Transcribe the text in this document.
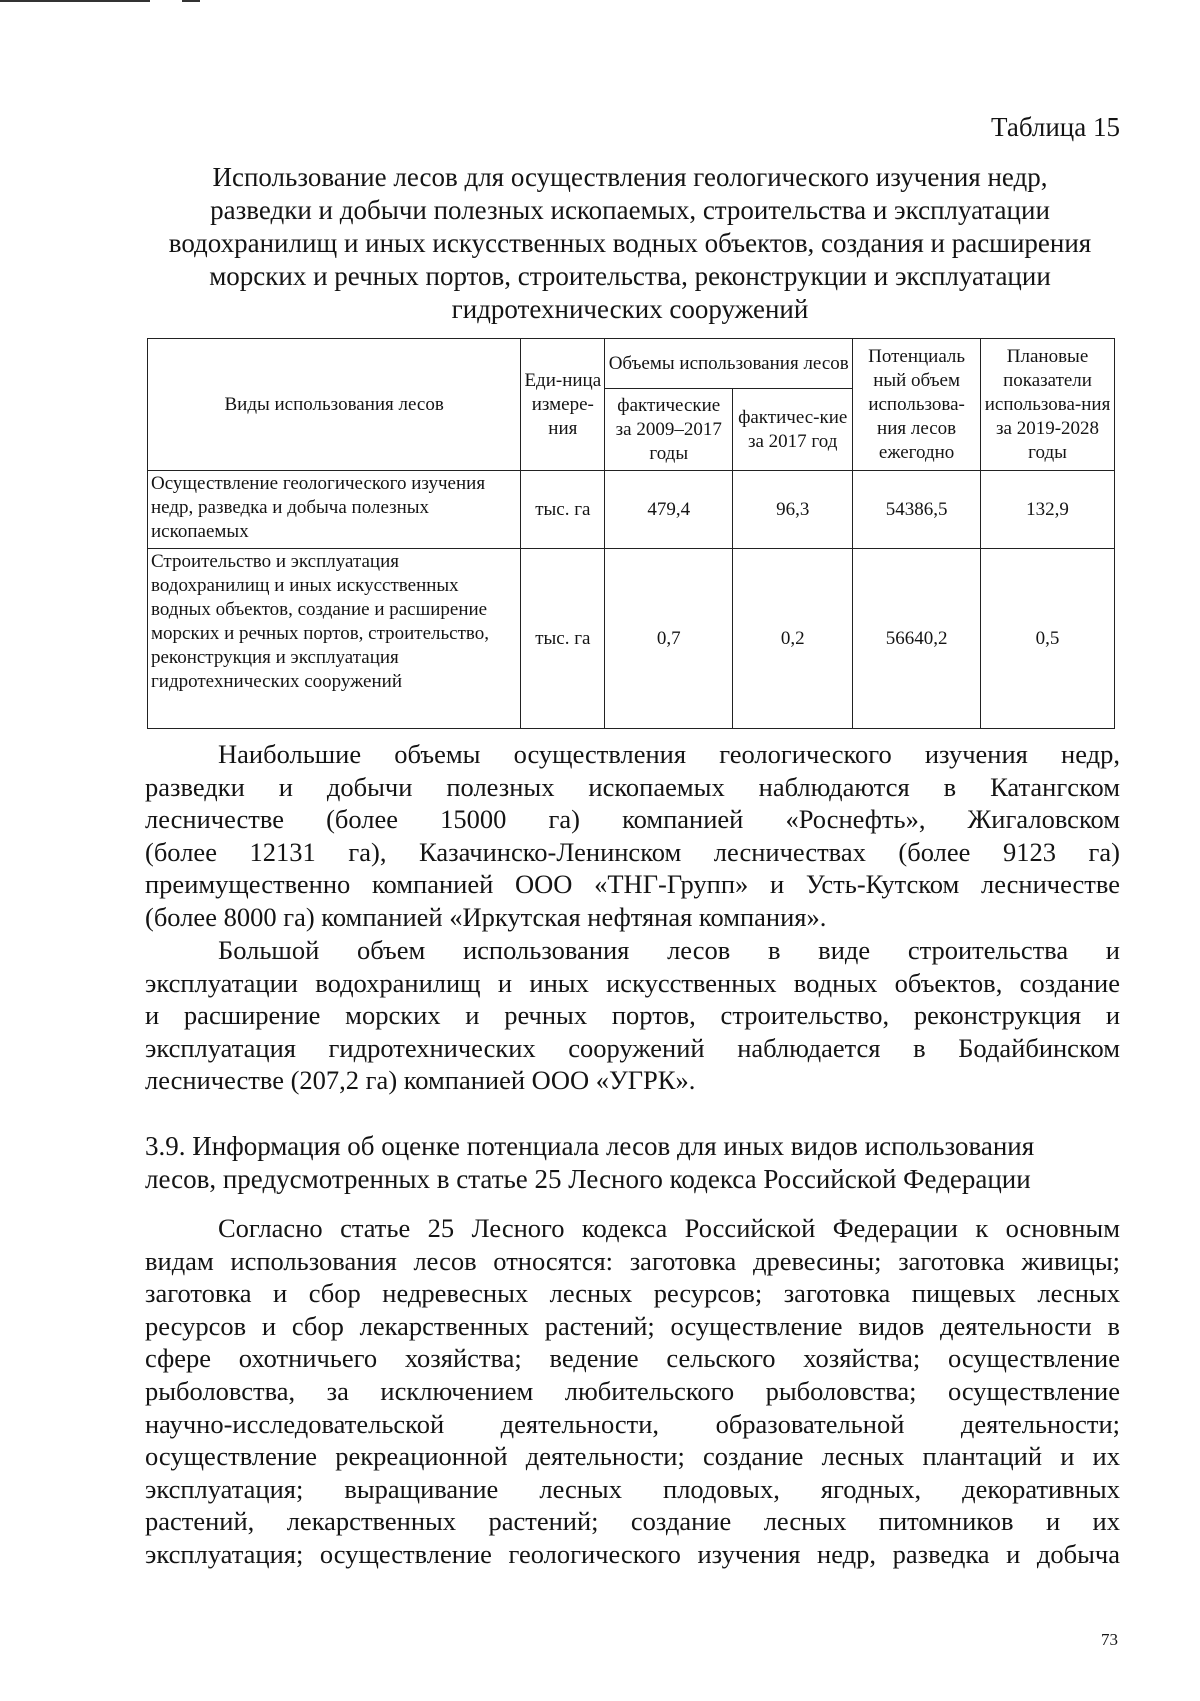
Таблица 15

Использование лесов для осуществления геологического изучения недр,
разведки и добычи полезных ископаемых, строительства и эксплуатации
водохранилищ и иных искусственных водных объектов, создания и расширения
морских и речных портов, строительства, реконструкции и эксплуатации
гидротехнических сооружений
Виды использования лесов	Еди-ница измере-ния	Объемы использования лесов		Потенциаль ный объем использова-ния лесов ежегодно	Плановые показатели использова-ния за 2019-2028 годы
		фактические за 2009–2017 годы	фактичес-кие за 2017 год		
Осуществление геологического изучения недр, разведка и добыча полезных ископаемых	тыс. га	479,4	96,3	54386,5	132,9
Строительство и эксплуатация водохранилищ и иных искусственных водных объектов, создание и расширение морских и речных портов, строительство, реконструкция и эксплуатация гидротехнических сооружений	тыс. га	0,7	0,2	56640,2	0,5

Наибольшие объемы осуществления геологического изучения недр,
разведки и добычи полезных ископаемых наблюдаются в Катангском
лесничестве (более 15000 га) компанией «Роснефть», Жигаловском
(более 12131 га), Казачинско-Ленинском лесничествах (более 9123 га)
преимущественно компанией ООО «ТНГ-Групп» и Усть-Кутском лесничестве
(более 8000 га) компанией «Иркутская нефтяная компания».

Большой объем использования лесов в виде строительства и
эксплуатации водохранилищ и иных искусственных водных объектов, создание
и расширение морских и речных портов, строительство, реконструкция и
эксплуатация гидротехнических сооружений наблюдается в Бодайбинском
лесничестве (207,2 га) компанией ООО «УГРК».

3.9. Информация об оценке потенциала лесов для иных видов использования
лесов, предусмотренных в статье 25 Лесного кодекса Российской Федерации

Согласно статье 25 Лесного кодекса Российской Федерации к основным
видам использования лесов относятся: заготовка древесины; заготовка живицы;
заготовка и сбор недревесных лесных ресурсов; заготовка пищевых лесных
ресурсов и сбор лекарственных растений; осуществление видов деятельности в
сфере охотничьего хозяйства; ведение сельского хозяйства; осуществление
рыболовства, за исключением любительского рыболовства; осуществление
научно-исследовательской деятельности, образовательной деятельности;
осуществление рекреационной деятельности; создание лесных плантаций и их
эксплуатация; выращивание лесных плодовых, ягодных, декоративных
растений, лекарственных растений; создание лесных питомников и их
эксплуатация; осуществление геологического изучения недр, разведка и добыча

73
